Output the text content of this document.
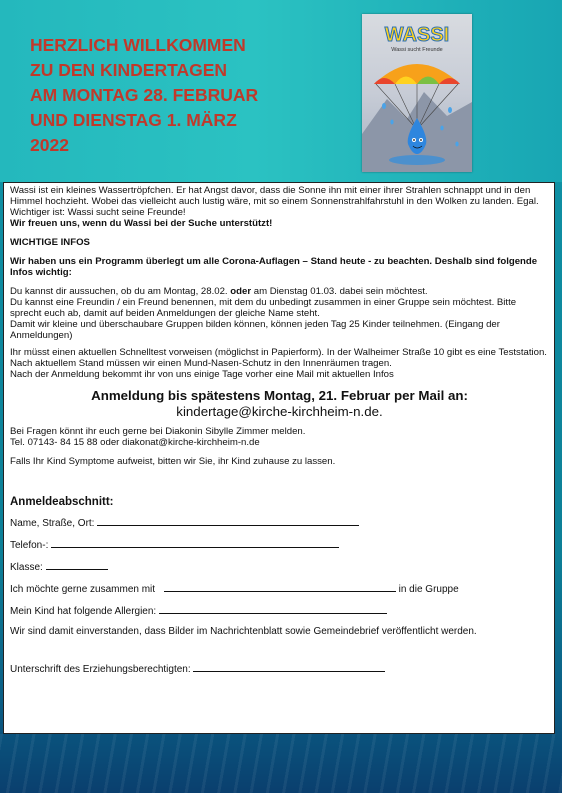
HERZLICH WILLKOMMEN
ZU DEN KINDERTAGEN
AM MONTAG 28. FEBRUAR
UND DIENSTAG 1. MÄRZ
2022
WASSI
Wassi sucht Freunde

Wassi ist ein kleines Wassertröpfchen. Er hat Angst davor, dass die Sonne ihn mit einer ihrer Strahlen schnappt und in den Himmel hochzieht. Wobei das vielleicht auch lustig wäre, mit so einem Sonnenstrahlfahrstuhl in den Wolken zu landen. Egal. Wichtiger ist: Wassi sucht seine Freunde!

Wir freuen uns, wenn du Wassi bei der Suche unterstützt!

WICHTIGE INFOS

Wir haben uns ein Programm überlegt um alle Corona-Auflagen – Stand heute - zu beachten. Deshalb sind folgende Infos wichtig:

Du kannst dir aussuchen, ob du am Montag, 28.02. oder am Dienstag 01.03. dabei sein möchtest.

Du kannst eine Freundin / ein Freund benennen, mit dem du unbedingt zusammen in einer Gruppe sein möchtest. Bitte sprecht euch ab, damit auf beiden Anmeldungen der gleiche Name steht.

Damit wir kleine und überschaubare Gruppen bilden können, können jeden Tag 25 Kinder teilnehmen. (Eingang der Anmeldungen)

Ihr müsst einen aktuellen Schnelltest vorweisen (möglichst in Papierform). In der Walheimer Straße 10 gibt es eine Teststation.

Nach aktuellem Stand müssen wir einen Mund-Nasen-Schutz in den Innenräumen tragen.

Nach der Anmeldung bekommt ihr von uns einige Tage vorher eine Mail mit aktuellen Infos

Anmeldung bis spätestens Montag, 21. Februar per Mail an:

kindertage@kirche-kirchheim-n.de.

Bei Fragen könnt ihr euch gerne bei Diakonin Sibylle Zimmer melden.

Tel. 07143- 84 15 88 oder diakonat@kirche-kirchheim-n.de

Falls Ihr Kind Symptome aufweist, bitten wir Sie, ihr Kind zuhause zu lassen.

Anmeldeabschnitt:
Name, Straße, Ort:
Telefon-:
Klasse:
Ich möchte gerne zusammen mit	in die Gruppe
Mein Kind hat folgende Allergien:
Wir sind damit einverstanden, dass Bilder im Nachrichtenblatt sowie Gemeindebrief veröffentlicht werden.
Unterschrift des Erziehungsberechtigten:
